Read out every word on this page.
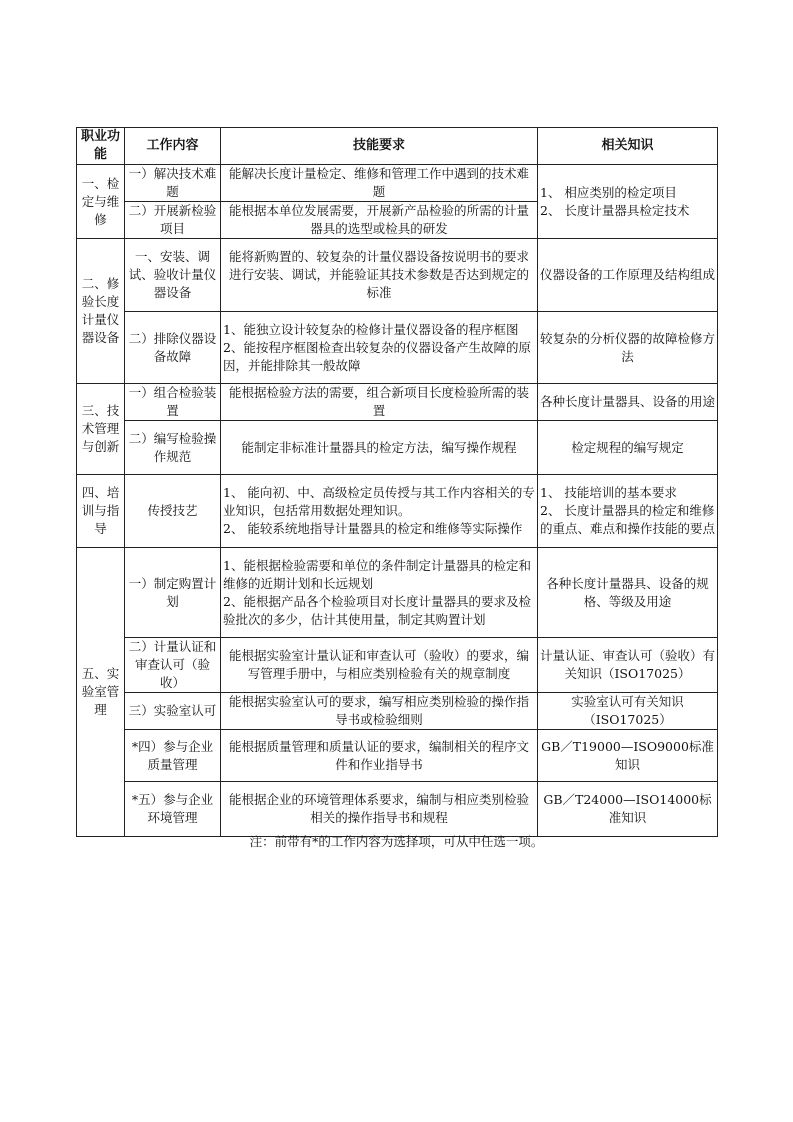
职业功能	工作内容	技能要求	相关知识
一、检定与维修	一）解决技术难题	能解决长度计量检定、维修和管理工作中遇到的技术难题	1、 相应类别的检定项目
2、 长度计量器具检定技术

	二）开展新检验项目	能根据本单位发展需要，开展新产品检验的所需的计量器具的选型或检具的研发	
二、修验长度计量仪器设备	一、安装、调试、验收计量仪器设备	能将新购置的、较复杂的计量仪器设备按说明书的要求进行安装、调试，并能验证其技术参数是否达到规定的标准	仪器设备的工作原理及结构组成
	二）排除仪器设备故障	1、能独立设计较复杂的检修计量仪器设备的程序框图
2、能按程序框图检查出较复杂的仪器设备产生故障的原因，并能排除其一般故障	较复杂的分析仪器的故障检修方法
三、技术管理与创新	一）组合检验装置	能根据检验方法的需要，组合新项目长度检验所需的装置	各种长度计量器具、设备的用途
	二）编写检验操作规范	能制定非标准计量器具的检定方法，编写操作规程	检定规程的编写规定
四、培训与指导	传授技艺	1、 能向初、中、高级检定员传授与其工作内容相关的专业知识，包括常用数据处理知识。
2、 能较系统地指导计量器具的检定和维修等实际操作	1、 技能培训的基本要求
2、 长度计量器具的检定和维修的重点、难点和操作技能的要点

五、实验室管理	一）制定购置计划	1、能根据检验需要和单位的条件制定计量器具的检定和维修的近期计划和长远规划
2、能根据产品各个检验项目对长度计量器具的要求及检验批次的多少，估计其使用量，制定其购置计划	各种长度计量器具、设备的规格、等级及用途
	二）计量认证和审查认可（验收）	能根据实验室计量认证和审查认可（验收）的要求，编写管理手册中，与相应类别检验有关的规章制度	计量认证、审查认可（验收）有关知识（ISO17025）
	三）实验室认可	能根据实验室认可的要求，编写相应类别检验的操作指导书或检验细则	实验室认可有关知识（ISO17025）
	*四）参与企业质量管理	能根据质量管理和质量认证的要求，编制相关的程序文件和作业指导书	GB／T19000—ISO9000标准知识
	*五）参与企业环境管理	能根据企业的环境管理体系要求，编制与相应类别检验相关的操作指导书和规程	GB／T24000—ISO14000标准知识
注：前带有*的工作内容为选择项，可从中任选一项。
